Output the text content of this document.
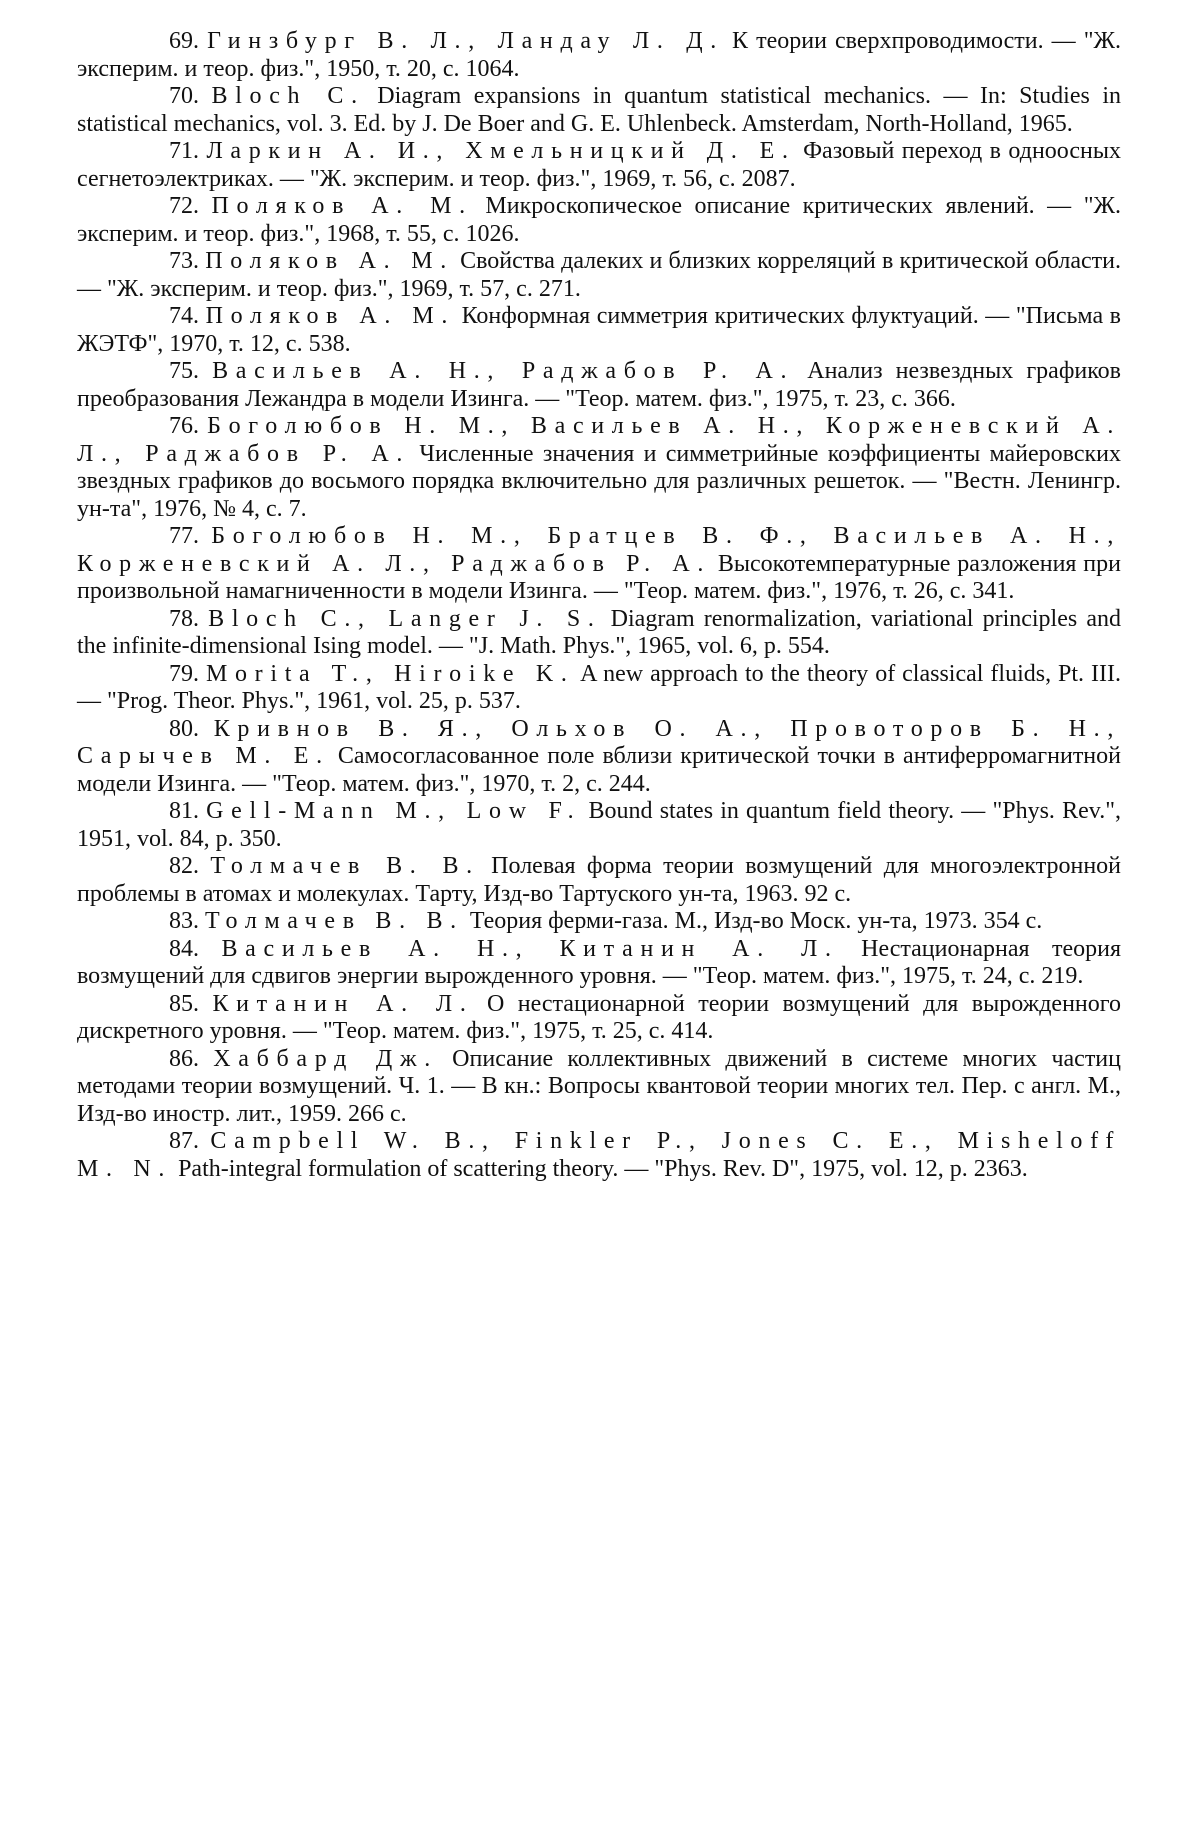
69. Гинзбург В. Л., Ландау Л. Д. К теории сверхпроводимости. — "Ж. эксперим. и теор. физ.", 1950, т. 20, с. 1064.

70. Bloch C. Diagram expansions in quantum statistical mechanics. — In: Studies in statistical mechanics, vol. 3. Ed. by J. De Boer and G. E. Uhlenbeck. Amsterdam, North-Holland, 1965.

71. Ларкин А. И., Хмельницкий Д. Е. Фазовый переход в одноосных сегнетоэлектриках. — "Ж. эксперим. и теор. физ.", 1969, т. 56, с. 2087.

72. Поляков А. М. Микроскопическое описание критических явлений. — "Ж. эксперим. и теор. физ.", 1968, т. 55, с. 1026.

73. Поляков А. М. Свойства далеких и близких корреляций в критической области. — "Ж. эксперим. и теор. физ.", 1969, т. 57, с. 271.

74. Поляков А. М. Конформная симметрия критических флуктуаций. — "Письма в ЖЭТФ", 1970, т. 12, с. 538.

75. Васильев А. Н., Раджабов Р. А. Анализ незвездных графиков преобразования Лежандра в модели Изинга. — "Теор. матем. физ.", 1975, т. 23, с. 366.

76. Боголюбов Н. М., Васильев А. Н., Корженевский А. Л., Раджабов Р. А. Численные значения и симметрийные коэффициенты майеровских звездных графиков до восьмого порядка включительно для различных решеток. — "Вестн. Ленингр. ун-та", 1976, № 4, с. 7.

77. Боголюбов Н. М., Братцев В. Ф., Васильев А. Н., Корженевский А. Л., Раджабов Р. А. Высокотемпературные разложения при произвольной намагниченности в модели Изинга. — "Теор. матем. физ.", 1976, т. 26, с. 341.

78. Bloch C., Langer J. S. Diagram renormalization, variational principles and the infinite-dimensional Ising model. — "J. Math. Phys.", 1965, vol. 6, p. 554.

79. Morita T., Hiroike K. A new approach to the theory of classical fluids, Pt. III. — "Prog. Theor. Phys.", 1961, vol. 25, p. 537.

80. Кривнов В. Я., Ольхов О. А., Провоторов Б. Н., Сарычев М. Е. Самосогласованное поле вблизи критической точки в антиферромагнитной модели Изинга. — "Теор. матем. физ.", 1970, т. 2, с. 244.

81. Gell-Mann M., Low F. Bound states in quantum field theory. — "Phys. Rev.", 1951, vol. 84, p. 350.

82. Толмачев В. В. Полевая форма теории возмущений для многоэлектронной проблемы в атомах и молекулах. Тарту, Изд-во Тартуского ун-та, 1963. 92 с.

83. Толмачев В. В. Теория ферми-газа. М., Изд-во Моск. ун-та, 1973. 354 с.

84. Васильев А. Н., Китанин А. Л. Нестационарная теория возмущений для сдвигов энергии вырожденного уровня. — "Теор. матем. физ.", 1975, т. 24, с. 219.

85. Китанин А. Л. О нестационарной теории возмущений для вырожденного дискретного уровня. — "Теор. матем. физ.", 1975, т. 25, с. 414.

86. Хаббард Дж. Описание коллективных движений в системе многих частиц методами теории возмущений. Ч. 1. — В кн.: Вопросы квантовой теории многих тел. Пер. с англ. М., Изд-во иностр. лит., 1959. 266 с.

87. Campbell W. B., Finkler P., Jones C. E., Misheloff M. N. Path-integral formulation of scattering theory. — "Phys. Rev. D", 1975, vol. 12, p. 2363.
